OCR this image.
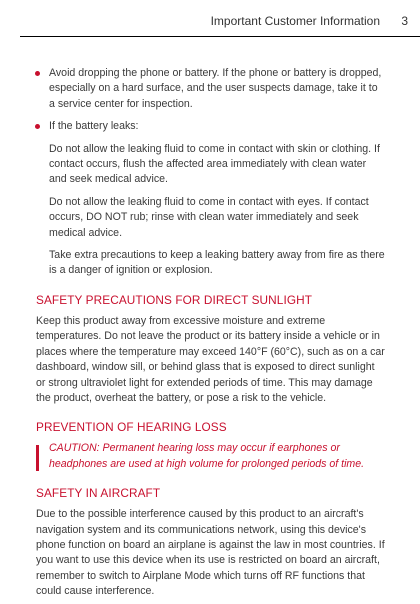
Important Customer Information 3
Avoid dropping the phone or battery. If the phone or battery is dropped, especially on a hard surface, and the user suspects damage, take it to a service center for inspection.
If the battery leaks:

Do not allow the leaking fluid to come in contact with skin or clothing. If contact occurs, flush the affected area immediately with clean water and seek medical advice.

Do not allow the leaking fluid to come in contact with eyes. If contact occurs, DO NOT rub; rinse with clean water immediately and seek medical advice.

Take extra precautions to keep a leaking battery away from fire as there is a danger of ignition or explosion.

SAFETY PRECAUTIONS FOR DIRECT SUNLIGHT

Keep this product away from excessive moisture and extreme temperatures. Do not leave the product or its battery inside a vehicle or in places where the temperature may exceed 140°F (60°C), such as on a car dashboard, window sill, or behind glass that is exposed to direct sunlight or strong ultraviolet light for extended periods of time. This may damage the product, overheat the battery, or pose a risk to the vehicle.

PREVENTION OF HEARING LOSS

CAUTION: Permanent hearing loss may occur if earphones or headphones are used at high volume for prolonged periods of time.

SAFETY IN AIRCRAFT

Due to the possible interference caused by this product to an aircraft's navigation system and its communications network, using this device's phone function on board an airplane is against the law in most countries. If you want to use this device when its use is restricted on board an aircraft, remember to switch to Airplane Mode which turns off RF functions that could cause interference.
